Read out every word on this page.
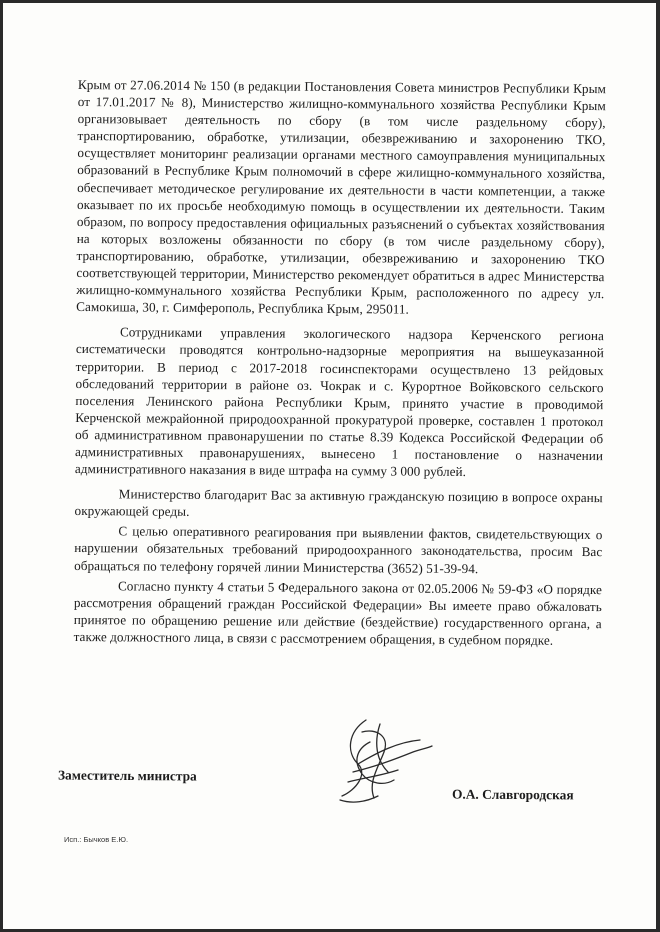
Крым от 27.06.2014 № 150 (в редакции Постановления Совета министров Республики Крым от 17.01.2017 № 8), Министерство жилищно-коммунального хозяйства Республики Крым организовывает деятельность по сбору (в том числе раздельному сбору), транспортированию, обработке, утилизации, обезвреживанию и захоронению ТКО, осуществляет мониторинг реализации органами местного самоуправления муниципальных образований в Республике Крым полномочий в сфере жилищно-коммунального хозяйства, обеспечивает методическое регулирование их деятельности в части компетенции, а также оказывает по их просьбе необходимую помощь в осуществлении их деятельности. Таким образом, по вопросу предоставления официальных разъяснений о субъектах хозяйствования на которых возложены обязанности по сбору (в том числе раздельному сбору), транспортированию, обработке, утилизации, обезвреживанию и захоронению ТКО соответствующей территории, Министерство рекомендует обратиться в адрес Министерства жилищно-коммунального хозяйства Республики Крым, расположенного по адресу ул. Самокиша, 30, г. Симферополь, Республика Крым, 295011.

Сотрудниками управления экологического надзора Керченского региона систематически проводятся контрольно-надзорные мероприятия на вышеуказанной территории. В период с 2017-2018 госинспекторами осуществлено 13 рейдовых обследований территории в районе оз. Чокрак и с. Курортное Войковского сельского поселения Ленинского района Республики Крым, принято участие в проводимой Керченской межрайонной природоохранной прокуратурой проверке, составлен 1 протокол об административном правонарушении по статье 8.39 Кодекса Российской Федерации об административных правонарушениях, вынесено 1 постановление о назначении административного наказания в виде штрафа на сумму 3 000 рублей.

Министерство благодарит Вас за активную гражданскую позицию в вопросе охраны окружающей среды.

С целью оперативного реагирования при выявлении фактов, свидетельствующих о нарушении обязательных требований природоохранного законодательства, просим Вас обращаться по телефону горячей линии Министерства (3652) 51-39-94.

Согласно пункту 4 статьи 5 Федерального закона от 02.05.2006 № 59-ФЗ «О порядке рассмотрения обращений граждан Российской Федерации» Вы имеете право обжаловать принятое по обращению решение или действие (бездействие) государственного органа, а также должностного лица, в связи с рассмотрением обращения, в судебном порядке.

Заместитель министра
О.А. Славгородская
Исп.: Бычков Е.Ю.
